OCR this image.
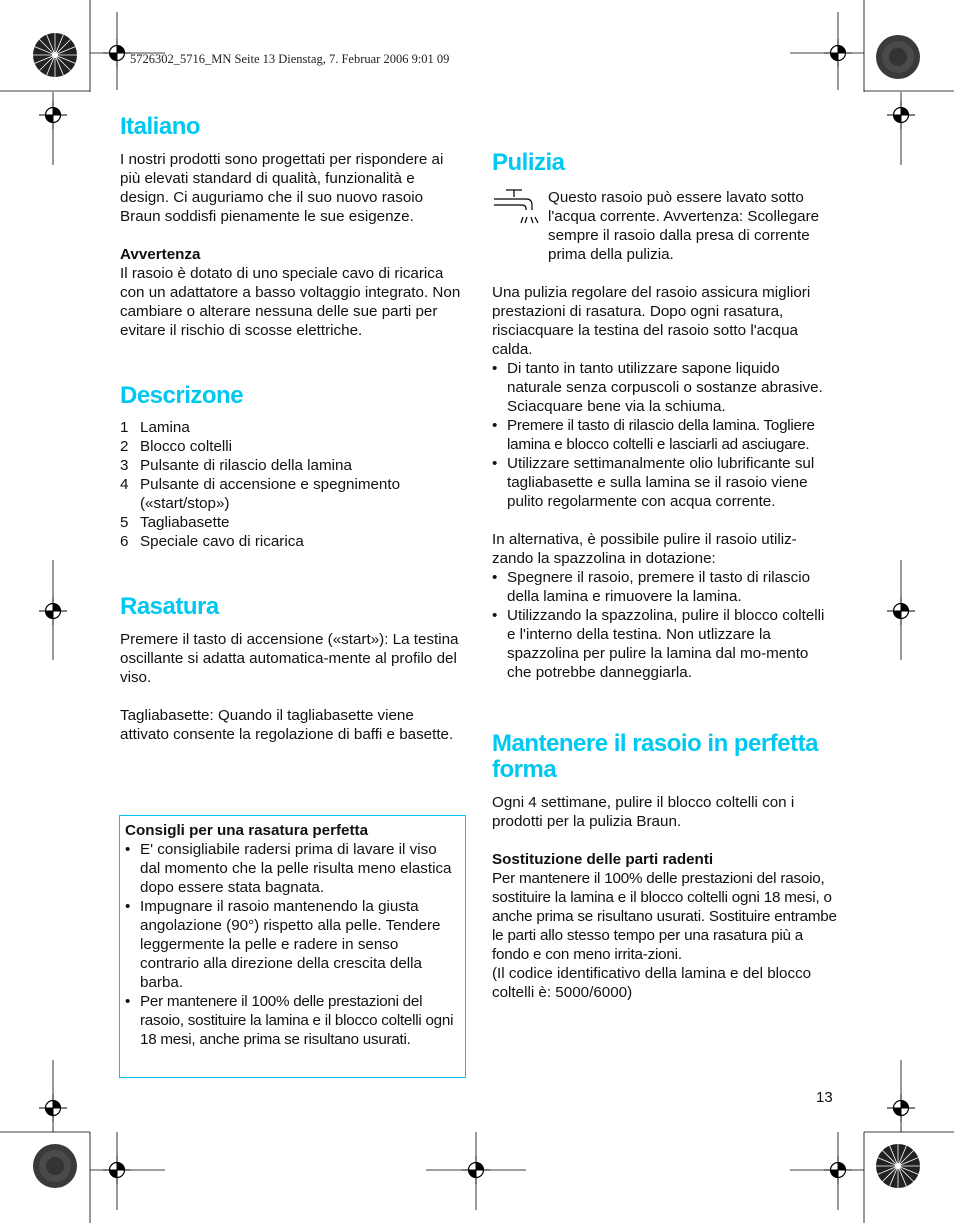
5726302_5716_MN Seite 13 Dienstag, 7. Februar 2006 9:01 09
Italiano

I nostri prodotti sono progettati per rispondere ai più elevati standard di qualità, funzionalità e design. Ci auguriamo che il suo nuovo rasoio Braun soddisfi pienamente le sue esigenze.

Avvertenza

Il rasoio è dotato di uno speciale cavo di ricarica con un adattatore a basso voltaggio integrato. Non cambiare o alterare nessuna delle sue parti per evitare il rischio di scosse elettriche.

Descrizone
1 Lamina
2 Blocco coltelli
3 Pulsante di rilascio della lamina
4 Pulsante di accensione e spegnimento («start/stop»)
5 Tagliabasette
6 Speciale cavo di ricarica
Rasatura

Premere il tasto di accensione («start»): La testina oscillante si adatta automatica-mente al profilo del viso.

Tagliabasette: Quando il tagliabasette viene attivato consente la regolazione di baffi e basette.

Consigli per una rasatura perfetta

• E' consigliabile radersi prima di lavare il viso dal momento che la pelle risulta meno elastica dopo essere stata bagnata.
• Impugnare il rasoio mantenendo la giusta angolazione (90°) rispetto alla pelle. Tendere leggermente la pelle e radere in senso contrario alla direzione della crescita della barba.
• Per mantenere il 100% delle prestazioni del rasoio, sostituire la lamina e il blocco coltelli ogni 18 mesi, anche prima se risultano usurati.
Pulizia

Questo rasoio può essere lavato sotto l'acqua corrente. Avvertenza: Scollegare sempre il rasoio dalla presa di corrente prima della pulizia.

Una pulizia regolare del rasoio assicura migliori prestazioni di rasatura. Dopo ogni rasatura, risciacquare la testina del rasoio sotto l'acqua calda.

• Di tanto in tanto utilizzare sapone liquido naturale senza corpuscoli o sostanze abrasive. Sciacquare bene via la schiuma.
• Premere il tasto di rilascio della lamina. Togliere lamina e blocco coltelli e lasciarli ad asciugare.
• Utilizzare settimanalmente olio lubrificante sul tagliabasette e sulla lamina se il rasoio viene pulito regolarmente con acqua corrente.

In alternativa, è possibile pulire il rasoio utiliz-zando la spazzolina in dotazione:

• Spegnere il rasoio, premere il tasto di rilascio della lamina e rimuovere la lamina.
• Utilizzando la spazzolina, pulire il blocco coltelli e l'interno della testina. Non utlizzare la spazzolina per pulire la lamina dal mo-mento che potrebbe danneggiarla.
Mantenere il rasoio in perfetta forma

Ogni 4 settimane, pulire il blocco coltelli con i prodotti per la pulizia Braun.

Sostituzione delle parti radenti

Per mantenere il 100% delle prestazioni del rasoio, sostituire la lamina e il blocco coltelli ogni 18 mesi, o anche prima se risultano usurati. Sostituire entrambe le parti allo stesso tempo per una rasatura più a fondo e con meno irrita-zioni.

(Il codice identificativo della lamina e del blocco coltelli è: 5000/6000)

13
